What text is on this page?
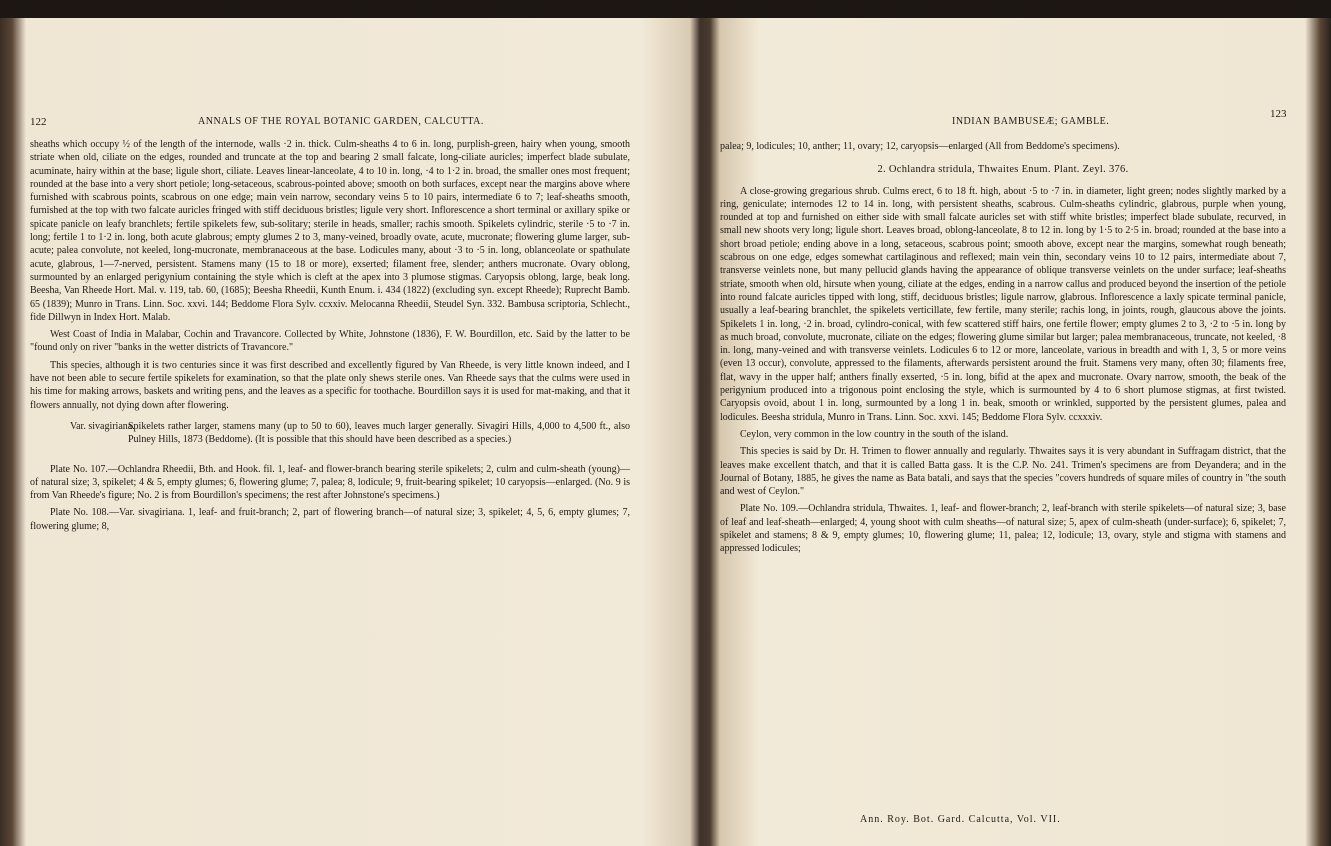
122	ANNALS OF THE ROYAL BOTANIC GARDEN, CALCUTTA.

sheaths which occupy ½ of the length of the internode, walls ·2 in. thick. Culm-sheaths 4 to 6 in. long, purplish-green, hairy when young, smooth striate when old, ciliate on the edges, rounded and truncate at the top and bearing 2 small falcate, long-ciliate auricles; imperfect blade subulate, acuminate, hairy within at the base; ligule short, ciliate. Leaves linear-lanceolate, 4 to 10 in. long, ·4 to 1·2 in. broad, the smaller ones most frequent; rounded at the base into a very short petiole; long-setaceous, scabrous-pointed above; smooth on both surfaces, except near the margins above where furnished with scabrous points, scabrous on one edge; main vein narrow, secondary veins 5 to 10 pairs, intermediate 6 to 7; leaf-sheaths smooth, furnished at the top with two falcate auricles fringed with stiff deciduous bristles; ligule very short. Inflorescence a short terminal or axillary spike or spicate panicle on leafy branchlets; fertile spikelets few, sub-solitary; sterile in heads, smaller; rachis smooth. Spikelets cylindric, sterile ·5 to ·7 in. long; fertile 1 to 1·2 in. long, both acute glabrous; empty glumes 2 to 3, many-veined, broadly ovate, acute, mucronate; flowering glume larger, sub-acute; palea convolute, not keeled, long-mucronate, membranaceous at the base. Lodicules many, about ·3 to ·5 in. long, oblanceolate or spathulate acute, glabrous, 1—7-nerved, persistent. Stamens many (15 to 18 or more), exserted; filament free, slender; anthers mucronate. Ovary oblong, surmounted by an enlarged perigynium containing the style which is cleft at the apex into 3 plumose stigmas. Caryopsis oblong, large, beak long. Beesha, Van Rheede Hort. Mal. v. 119, tab. 60, (1685); Beesha Rheedii, Kunth Enum. i. 434 (1822) (excluding syn. except Rheede); Ruprecht Bamb. 65 (1839); Munro in Trans. Linn. Soc. xxvi. 144; Beddome Flora Sylv. ccxxiv. Melocanna Rheedii, Steudel Syn. 332. Bambusa scriptoria, Schlecht., fide Dillwyn in Index Hort. Malab.

West Coast of India in Malabar, Cochin and Travancore. Collected by White, Johnstone (1836), F. W. Bourdillon, etc. Said by the latter to be "found only on river "banks in the wetter districts of Travancore."

This species, although it is two centuries since it was first described and excellently figured by Van Rheede, is very little known indeed, and I have not been able to secure fertile spikelets for examination, so that the plate only shews sterile ones. Van Rheede says that the culms were used in his time for making arrows, baskets and writing pens, and the leaves as a specific for toothache. Bourdillon says it is used for mat-making, and that it flowers annually, not dying down after flowering.

Var. sivagiriana.
Spikelets rather larger, stamens many (up to 50 to 60), leaves much larger generally. Sivagiri Hills, 4,000 to 4,500 ft., also Pulney Hills, 1873 (Beddome). (It is possible that this should have been described as a species.)

Plate No. 107.—Ochlandra Rheedii, Bth. and Hook. fil. 1, leaf- and flower-branch bearing sterile spikelets; 2, culm and culm-sheath (young)—of natural size; 3, spikelet; 4 & 5, empty glumes; 6, flowering glume; 7, palea; 8, lodicule; 9, fruit-bearing spikelet; 10 caryopsis—enlarged. (No. 9 is from Van Rheede's figure; No. 2 is from Bourdillon's specimens; the rest after Johnstone's specimens.)

Plate No. 108.—Var. sivagiriana. 1, leaf- and fruit-branch; 2, part of flowering branch—of natural size; 3, spikelet; 4, 5, 6, empty glumes; 7, flowering glume; 8,

INDIAN BAMBUSEÆ; GAMBLE.
123

palea; 9, lodicules; 10, anther; 11, ovary; 12, caryopsis—enlarged (All from Beddome's specimens).

2. Ochlandra stridula, Thwaites Enum. Plant. Zeyl. 376.

A close-growing gregarious shrub. Culms erect, 6 to 18 ft. high, about ·5 to ·7 in. in diameter, light green; nodes slightly marked by a ring, geniculate; internodes 12 to 14 in. long, with persistent sheaths, scabrous. Culm-sheaths cylindric, glabrous, purple when young, rounded at top and furnished on either side with small falcate auricles set with stiff white bristles; imperfect blade subulate, recurved, in small new shoots very long; ligule short. Leaves broad, oblong-lanceolate, 8 to 12 in. long by 1·5 to 2·5 in. broad; rounded at the base into a short broad petiole; ending above in a long, setaceous, scabrous point; smooth above, except near the margins, somewhat rough beneath; scabrous on one edge, edges somewhat cartilaginous and reflexed; main vein thin, secondary veins 10 to 12 pairs, intermediate about 7, transverse veinlets none, but many pellucid glands having the appearance of oblique transverse veinlets on the under surface; leaf-sheaths striate, smooth when old, hirsute when young, ciliate at the edges, ending in a narrow callus and produced beyond the insertion of the petiole into round falcate auricles tipped with long, stiff, deciduous bristles; ligule narrow, glabrous. Inflorescence a laxly spicate terminal panicle, usually a leaf-bearing branchlet, the spikelets verticillate, few fertile, many sterile; rachis long, in joints, rough, glaucous above the joints. Spikelets 1 in. long, ·2 in. broad, cylindro-conical, with few scattered stiff hairs, one fertile flower; empty glumes 2 to 3, ·2 to ·5 in. long by as much broad, convolute, mucronate, ciliate on the edges; flowering glume similar but larger; palea membranaceous, truncate, not keeled, ·8 in. long, many-veined and with transverse veinlets. Lodicules 6 to 12 or more, lanceolate, various in breadth and with 1, 3, 5 or more veins (even 13 occur), convolute, appressed to the filaments, afterwards persistent around the fruit. Stamens very many, often 30; filaments free, flat, wavy in the upper half; anthers finally exserted, ·5 in. long, bifid at the apex and mucronate. Ovary narrow, smooth, the beak of the perigynium produced into a trigonous point enclosing the style, which is surmounted by 4 to 6 short plumose stigmas, at first twisted. Caryopsis ovoid, about 1 in. long, surmounted by a long 1 in. beak, smooth or wrinkled, supported by the persistent glumes, palea and lodicules. Beesha stridula, Munro in Trans. Linn. Soc. xxvi. 145; Beddome Flora Sylv. ccxxxiv.

Ceylon, very common in the low country in the south of the island.

This species is said by Dr. H. Trimen to flower annually and regularly. Thwaites says it is very abundant in Suffragam district, that the leaves make excellent thatch, and that it is called Batta gass. It is the C.P. No. 241. Trimen's specimens are from Deyandera; and in the Journal of Botany, 1885, he gives the name as Bata batali, and says that the species "covers hundreds of square miles of country in "the south and west of Ceylon."

Plate No. 109.—Ochlandra stridula, Thwaites. 1, leaf- and flower-branch; 2, leaf-branch with sterile spikelets—of natural size; 3, base of leaf and leaf-sheath—enlarged; 4, young shoot with culm sheaths—of natural size; 5, apex of culm-sheath (under-surface); 6, spikelet; 7, spikelet and stamens; 8 & 9, empty glumes; 10, flowering glume; 11, palea; 12, lodicule; 13, ovary, style and stigma with stamens and appressed lodicules;

Ann. Roy. Bot. Gard. Calcutta, Vol. VII.
